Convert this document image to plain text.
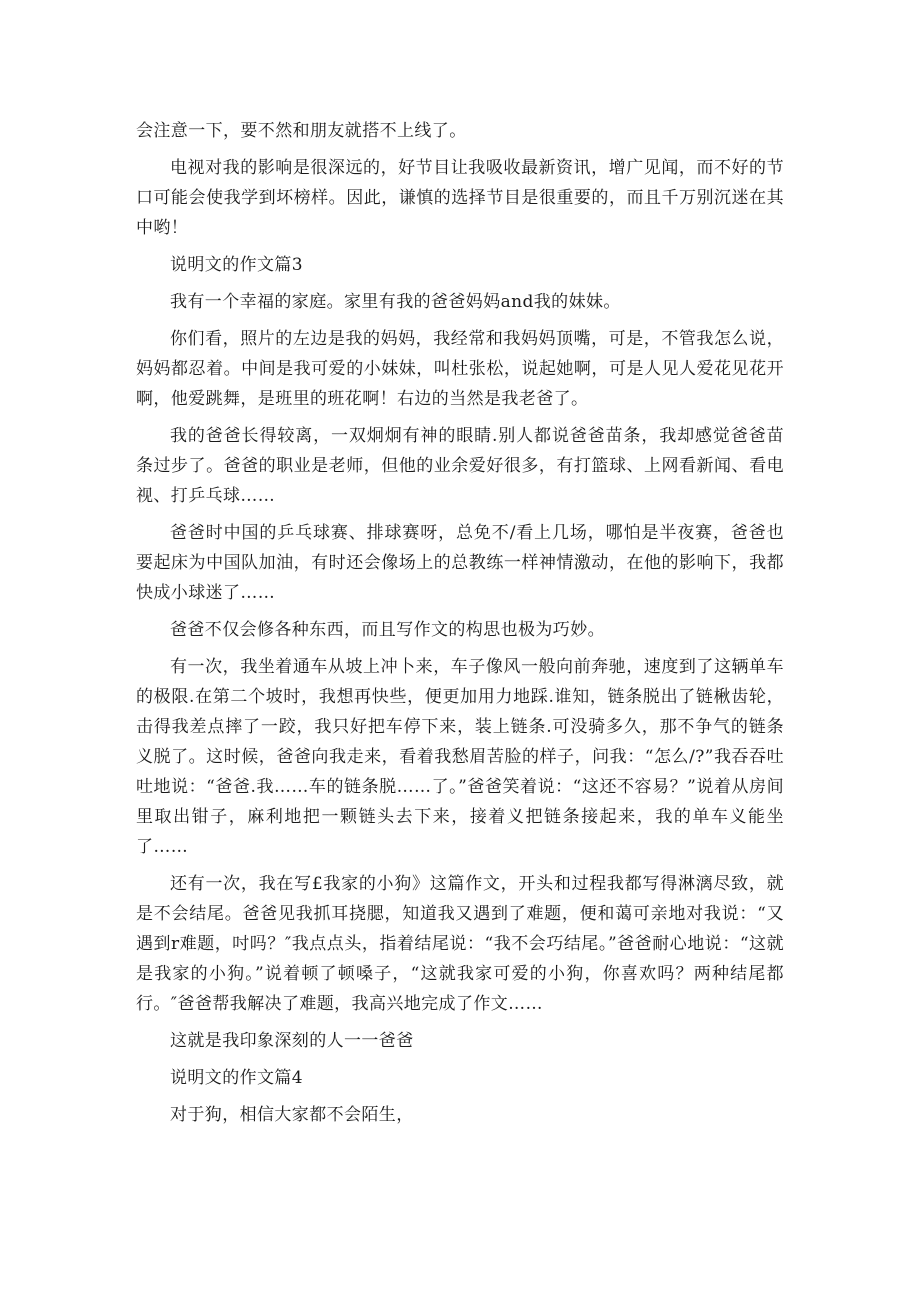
会注意一下，要不然和朋友就搭不上线了。

电视对我的影响是很深远的，好节目让我吸收最新资讯，增广见闻，而不好的节口可能会使我学到坏榜样。因此，谦慎的选择节目是很重要的，而且千万别沉迷在其中哟！

说明文的作文篇3

我有一个幸福的家庭。家里有我的爸爸妈妈and我的妹妹。

你们看，照片的左边是我的妈妈，我经常和我妈妈顶嘴，可是，不管我怎么说，妈妈都忍着。中间是我可爱的小妹妹，叫杜张松，说起她啊，可是人见人爱花见花开啊，他爱跳舞，是班里的班花啊！右边的当然是我老爸了。

我的爸爸长得较离，一双炯炯有神的眼睛.别人都说爸爸苗条，我却感觉爸爸苗条过步了。爸爸的职业是老师，但他的业余爱好很多，有打篮球、上网看新闻、看电视、打乒乓球……

爸爸时中国的乒乓球赛、排球赛呀，总免不/看上几场，哪怕是半夜赛，爸爸也要起床为中国队加油，有时还会像场上的总教练一样神情激动，在他的影响下，我都快成小球迷了……

爸爸不仅会修各种东西，而且写作文的构思也极为巧妙。

有一次，我坐着通车从坡上冲卜来，车子像风一般向前奔驰，速度到了这辆单车的极限.在第二个坡时，我想再快些，便更加用力地踩.谁知，链条脱出了链楸齿轮，击得我差点摔了一跤，我只好把车停下来，装上链条.可没骑多久，那不争气的链条义脱了。这时候，爸爸向我走来，看着我愁眉苦脸的样子，问我：“怎么/?”我吞吞吐吐地说：“爸爸.我……车的链条脱……了。”爸爸笑着说：“这还不容易？”说着从房间里取出钳子，麻利地把一颗链头去下来，接着义把链条接起来，我的单车义能坐了……

还有一次，我在写£我家的小狗》这篇作文，开头和过程我都写得淋漓尽致，就是不会结尾。爸爸见我抓耳挠腮，知道我又遇到了难题，便和蔼可亲地对我说：“又遇到r难题，吋吗？″我点点头，指着结尾说：“我不会巧结尾。”爸爸耐心地说：“这就是我家的小狗。”说着顿了顿嗓子，“这就我家可爱的小狗，你喜欢吗？两种结尾都行。″爸爸帮我解决了难题，我高兴地完成了作文……

这就是我印象深刻的人一一爸爸

说明文的作文篇4

对于狗，相信大家都不会陌生，
